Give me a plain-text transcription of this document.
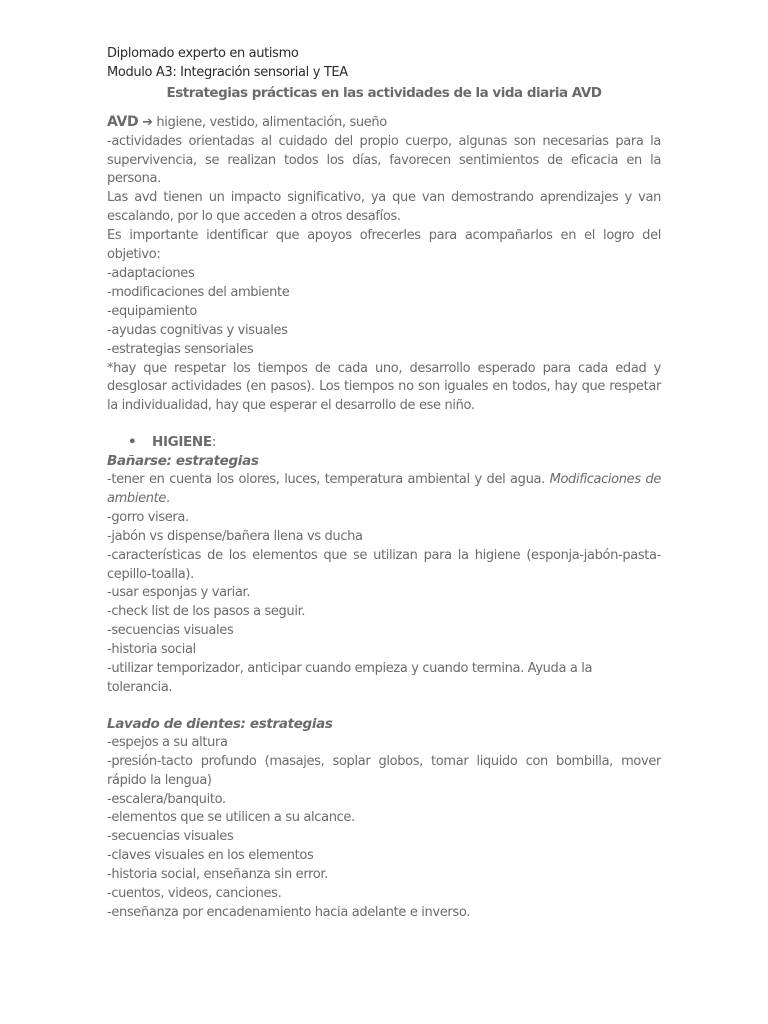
Diplomado experto en autismo

Modulo A3: Integración sensorial y TEA

Estrategias prácticas en las actividades de la vida diaria AVD

AVD ➔ higiene, vestido, alimentación, sueño

-actividades orientadas al cuidado del propio cuerpo, algunas son necesarias para la supervivencia, se realizan todos los días, favorecen sentimientos de eficacia en la persona.

Las avd tienen un impacto significativo, ya que van demostrando aprendizajes y van escalando, por lo que acceden a otros desafíos.

Es importante identificar que apoyos ofrecerles para acompañarlos en el logro del objetivo:

-adaptaciones

-modificaciones del ambiente

-equipamiento

-ayudas cognitivas y visuales

-estrategias sensoriales

*hay que respetar los tiempos de cada uno, desarrollo esperado para cada edad y desglosar actividades (en pasos). Los tiempos no son iguales en todos, hay que respetar la individualidad, hay que esperar el desarrollo de ese niño.

• HIGIENE:

Bañarse: estrategias

-tener en cuenta los olores, luces, temperatura ambiental y del agua. Modificaciones de ambiente.

-gorro visera.

-jabón vs dispense/bañera llena vs ducha

-características de los elementos que se utilizan para la higiene (esponja-jabón-pasta-cepillo-toalla).

-usar esponjas y variar.

-check list de los pasos a seguir.

-secuencias visuales

-historia social

-utilizar temporizador, anticipar cuando empieza y cuando termina. Ayuda a la tolerancia.

Lavado de dientes: estrategias

-espejos a su altura

-presión-tacto profundo (masajes, soplar globos, tomar liquido con bombilla, mover rápido la lengua)

-escalera/banquito.

-elementos que se utilicen a su alcance.

-secuencias visuales

-claves visuales en los elementos

-historia social, enseñanza sin error.

-cuentos, videos, canciones.

-enseñanza por encadenamiento hacia adelante e inverso.
